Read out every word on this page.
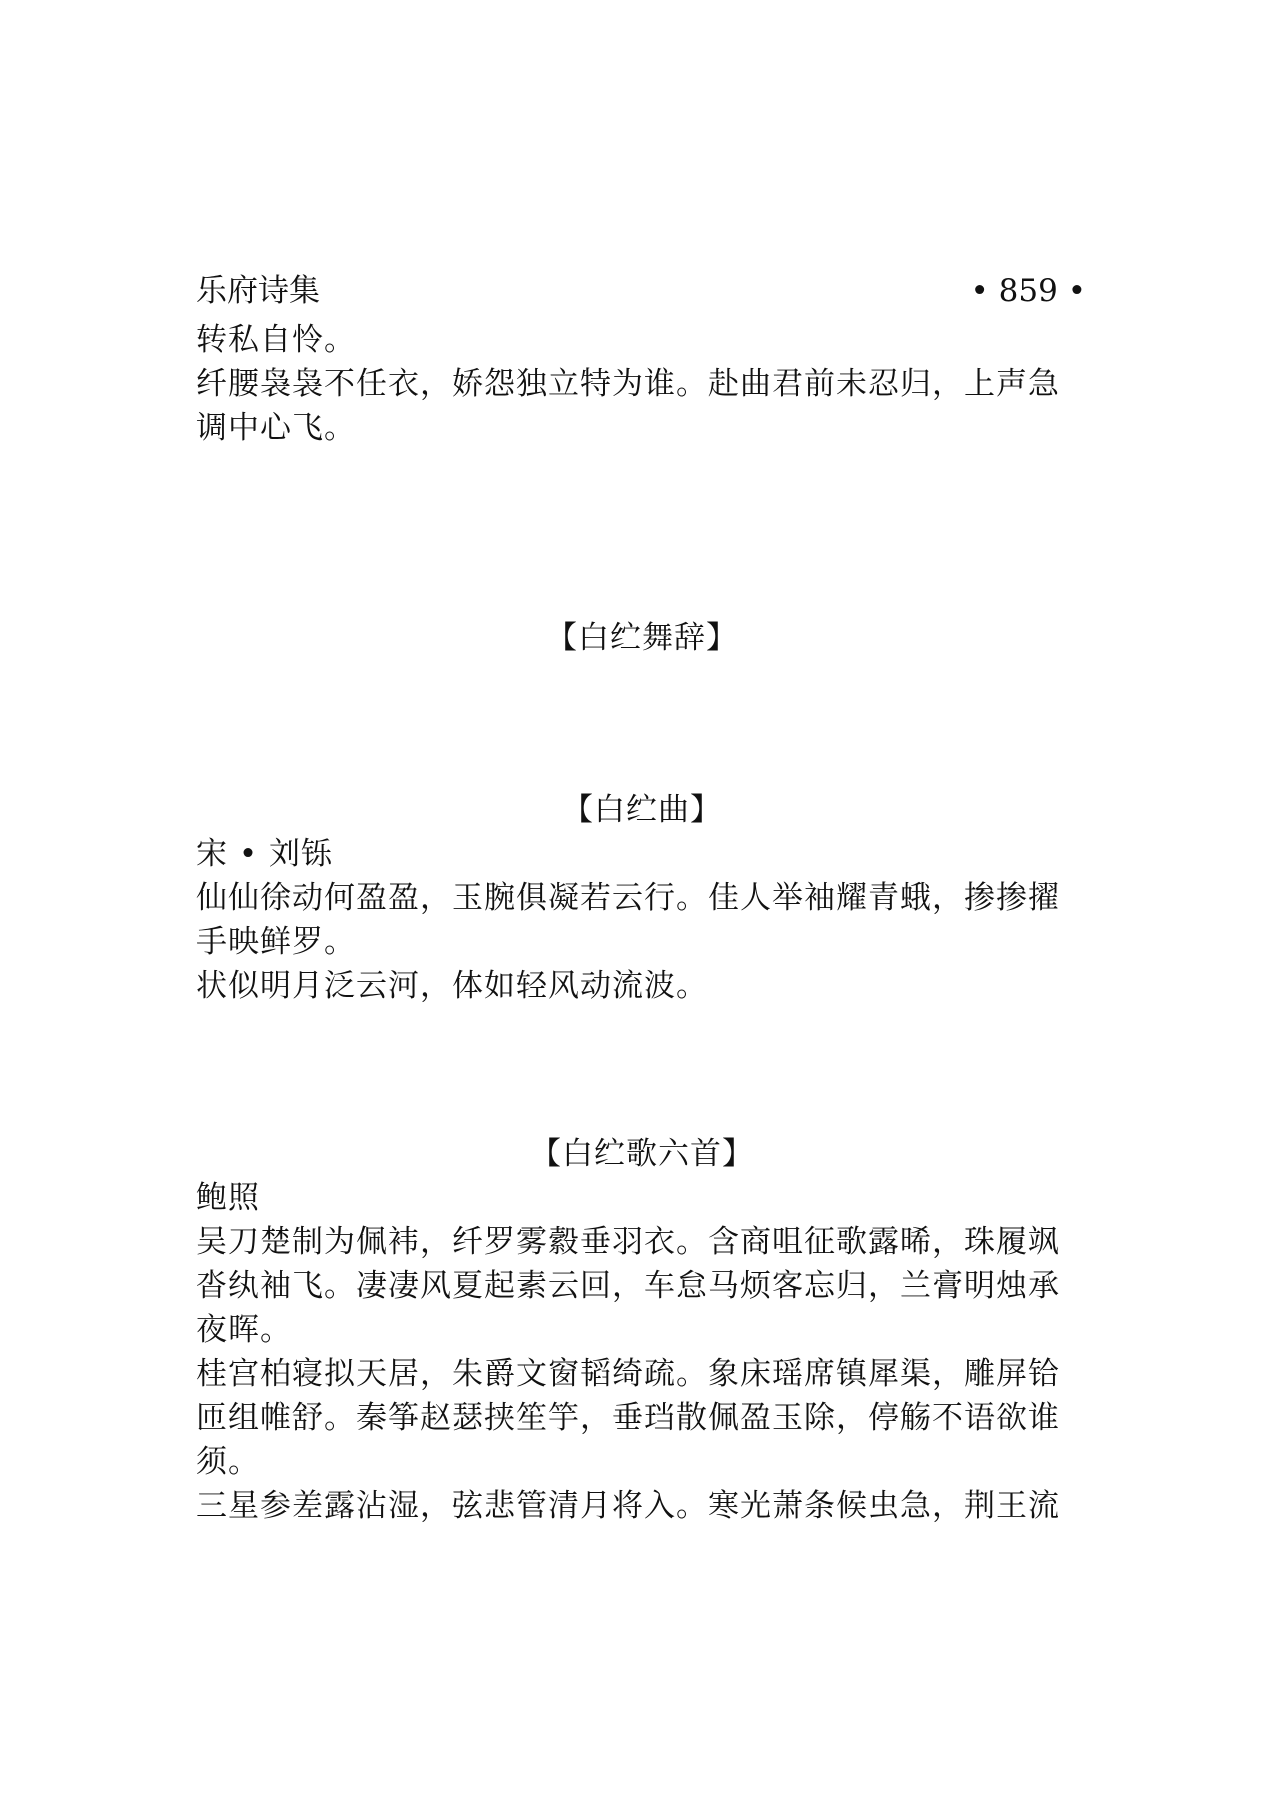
乐府诗集	• 859 •

转私自怜。

纤腰袅袅不任衣，娇怨独立特为谁。赴曲君前未忍归，上声急调中心飞。

【白纻舞辞】
【白纻曲】

宋 • 刘铄

仙仙徐动何盈盈，玉腕俱凝若云行。佳人举袖耀青蛾，掺掺擢手映鲜罗。

状似明月泛云河，体如轻风动流波。

【白纻歌六首】

鲍照

吴刀楚制为佩袆，纤罗雾縠垂羽衣。含商咀征歌露晞，珠履飒沓纨袖飞。凄凄风夏起素云回，车怠马烦客忘归，兰膏明烛承夜晖。

桂宫柏寝拟天居，朱爵文窗韬绮疏。象床瑶席镇犀渠，雕屏铪匝组帷舒。秦筝赵瑟挟笙竽，垂珰散佩盈玉除，停觞不语欲谁须。

三星参差露沾湿，弦悲管清月将入。寒光萧条候虫急，荆王流
